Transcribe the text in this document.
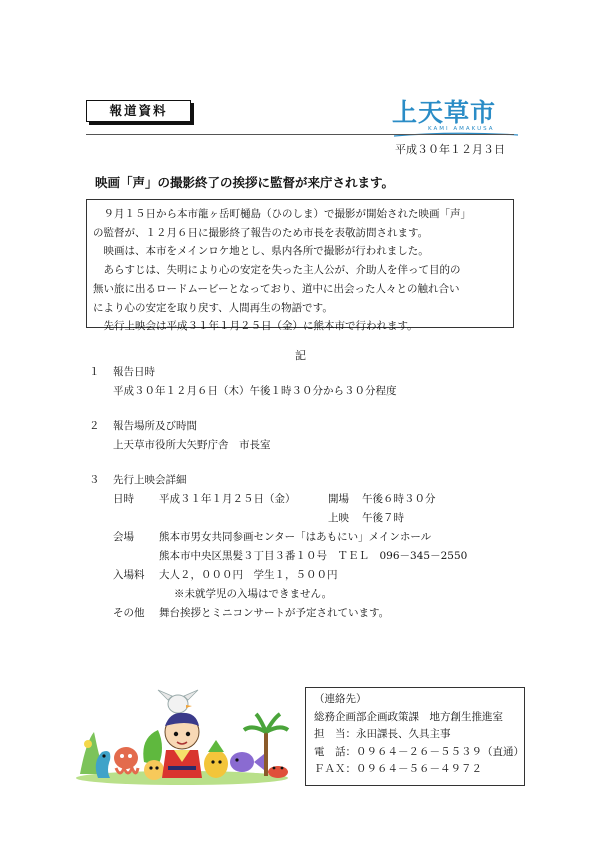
報道資料	上天草市
KAMI AMAKUSA
平成３０年１２月３日
映画「声」の撮影終了の挨拶に監督が来庁されます。

９月１５日から本市龍ヶ岳町樋島（ひのしま）で撮影が開始された映画「声」

の監督が、１２月６日に撮影終了報告のため市長を表敬訪問されます。

映画は、本市をメインロケ地とし、県内各所で撮影が行われました。

あらすじは、失明により心の安定を失った主人公が、介助人を伴って目的の

無い旅に出るロードムービーとなっており、道中に出会った人々との触れ合い

により心の安定を取り戻す、人間再生の物語です。

先行上映会は平成３１年１月２５日（金）に熊本市で行われます。

記
１ 報告日時
平成３０年１２月６日（木）午後１時３０分から３０分程度
２ 報告場所及び時間
上天草市役所大矢野庁舎　市長室
３ 先行上映会詳細
日時 平成３１年１月２５日（金）	開場 午後６時３０分
上映 午後７時
会場 熊本市男女共同参画センター「はあもにい」メインホール
熊本市中央区黒髪３丁目３番１０号　ＴＥＬ　096－345－2550
入場料 大人２，０００円　学生１，５００円
※未就学児の入場はできません。
その他 舞台挨拶とミニコンサートが予定されています。
（連絡先）
総務企画部企画政策課　地方創生推進室
担　当：永田課長、久具主事
電　話：０９６４－２６－５５３９（直通）
ＦＡＸ：０９６４－５６－４９７２
